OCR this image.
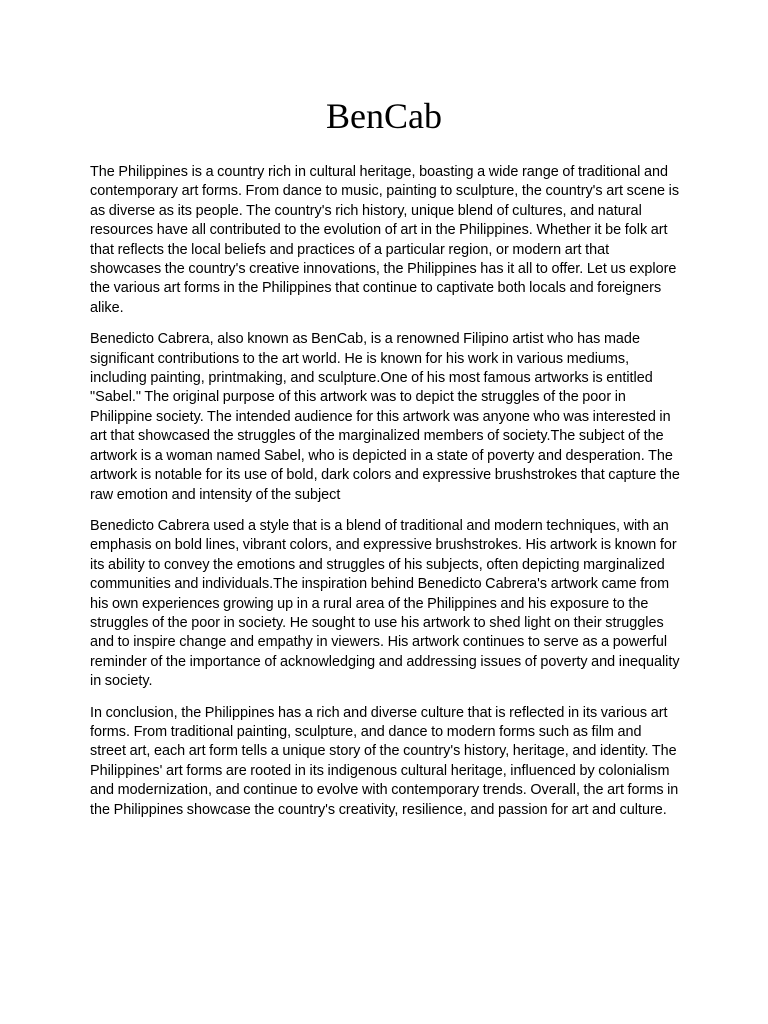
BenCab

The Philippines is a country rich in cultural heritage, boasting a wide range of traditional and contemporary art forms. From dance to music, painting to sculpture, the country's art scene is as diverse as its people. The country's rich history, unique blend of cultures, and natural resources have all contributed to the evolution of art in the Philippines. Whether it be folk art that reflects the local beliefs and practices of a particular region, or modern art that showcases the country's creative innovations, the Philippines has it all to offer. Let us explore the various art forms in the Philippines that continue to captivate both locals and foreigners alike.

Benedicto Cabrera, also known as BenCab, is a renowned Filipino artist who has made significant contributions to the art world. He is known for his work in various mediums, including painting, printmaking, and sculpture.One of his most famous artworks is entitled "Sabel." The original purpose of this artwork was to depict the struggles of the poor in Philippine society. The intended audience for this artwork was anyone who was interested in art that showcased the struggles of the marginalized members of society.The subject of the artwork is a woman named Sabel, who is depicted in a state of poverty and desperation. The artwork is notable for its use of bold, dark colors and expressive brushstrokes that capture the raw emotion and intensity of the subject

Benedicto Cabrera used a style that is a blend of traditional and modern techniques, with an emphasis on bold lines, vibrant colors, and expressive brushstrokes. His artwork is known for its ability to convey the emotions and struggles of his subjects, often depicting marginalized communities and individuals.The inspiration behind Benedicto Cabrera's artwork came from his own experiences growing up in a rural area of the Philippines and his exposure to the struggles of the poor in society. He sought to use his artwork to shed light on their struggles and to inspire change and empathy in viewers. His artwork continues to serve as a powerful reminder of the importance of acknowledging and addressing issues of poverty and inequality in society.

In conclusion, the Philippines has a rich and diverse culture that is reflected in its various art forms. From traditional painting, sculpture, and dance to modern forms such as film and street art, each art form tells a unique story of the country's history, heritage, and identity. The Philippines' art forms are rooted in its indigenous cultural heritage, influenced by colonialism and modernization, and continue to evolve with contemporary trends. Overall, the art forms in the Philippines showcase the country's creativity, resilience, and passion for art and culture.
